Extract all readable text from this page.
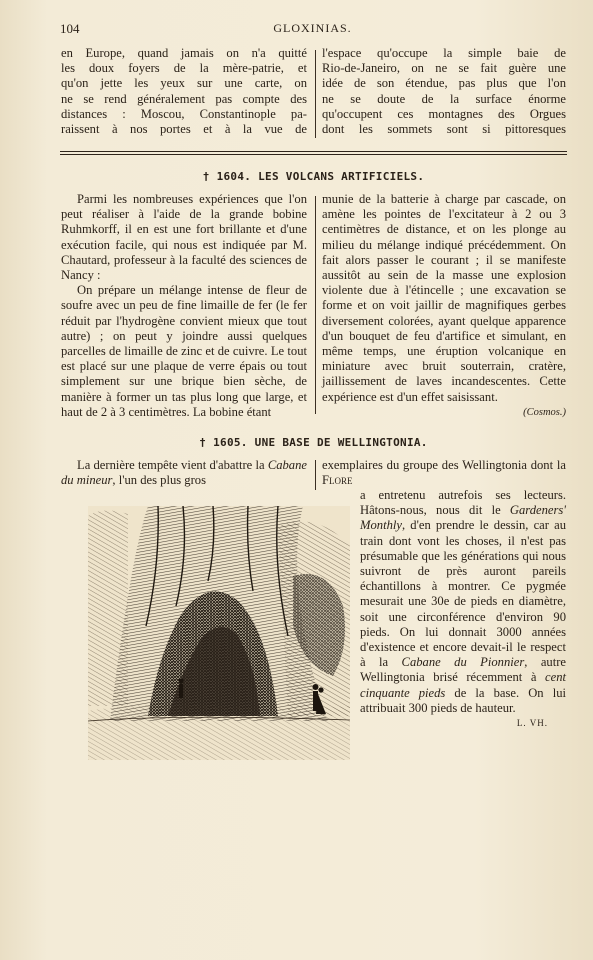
104	GLOXINIAS.

en Europe, quand jamais on n'a quitté

les doux foyers de la mère-patrie, et

qu'on jette les yeux sur une carte, on

ne se rend généralement pas compte des

distances : Moscou, Constantinople pa-

raissent à nos portes et à la vue de

l'espace qu'occupe la simple baie de

Rio-de-Janeiro, on ne se fait guère une

idée de son étendue, pas plus que l'on

ne se doute de la surface énorme

qu'occupent ces montagnes des Orgues

dont les sommets sont si pittoresques

† 1604. LES VOLCANS ARTIFICIELS.

Parmi les nombreuses expériences que l'on peut réaliser à l'aide de la grande bobine Ruhmkorff, il en est une fort brillante et d'une exécution facile, qui nous est indiquée par M. Chautard, professeur à la faculté des sciences de Nancy :

On prépare un mélange intense de fleur de soufre avec un peu de fine limaille de fer (le fer réduit par l'hydrogène convient mieux que tout autre) ; on peut y joindre aussi quelques parcelles de limaille de zinc et de cuivre. Le tout est placé sur une plaque de verre épais ou tout simplement sur une brique bien sèche, de manière à former un tas plus long que large, et haut de 2 à 3 centimètres. La bobine étant

munie de la batterie à charge par cascade, on amène les pointes de l'excitateur à 2 ou 3 centimètres de distance, et on les plonge au milieu du mélange indiqué précédemment. On fait alors passer le courant ; il se manifeste aussitôt au sein de la masse une explosion violente due à l'étincelle ; une excavation se forme et on voit jaillir de magnifiques gerbes diversement colorées, ayant quelque apparence d'un bouquet de feu d'artifice et simulant, en même temps, une éruption volcanique en miniature avec bruit souterrain, cratère, jaillissement de laves incandescentes. Cette expérience est d'un effet saisissant.

(Cosmos.)

† 1605. UNE BASE DE WELLINGTONIA.

La dernière tempête vient d'abattre la Cabane du mineur, l'un des plus gros

exemplaires du groupe des Wellingtonia dont la Flore

a entretenu autrefois ses lecteurs. Hâtons-nous, nous dit le Gardeners' Monthly, d'en prendre le dessin, car au train dont vont les choses, il n'est pas présumable que les générations qui nous suivront de près auront pareils échantillons à montrer. Ce pygmée mesurait une 30e de pieds en diamètre, soit une circonférence d'environ 90 pieds. On lui donnait 3000 années d'existence et encore devait-il le respect à la Cabane du Pionnier, autre Wellingtonia brisé récemment à cent cinquante pieds de la base. On lui attribuait 300 pieds de hauteur.

L. VH.
